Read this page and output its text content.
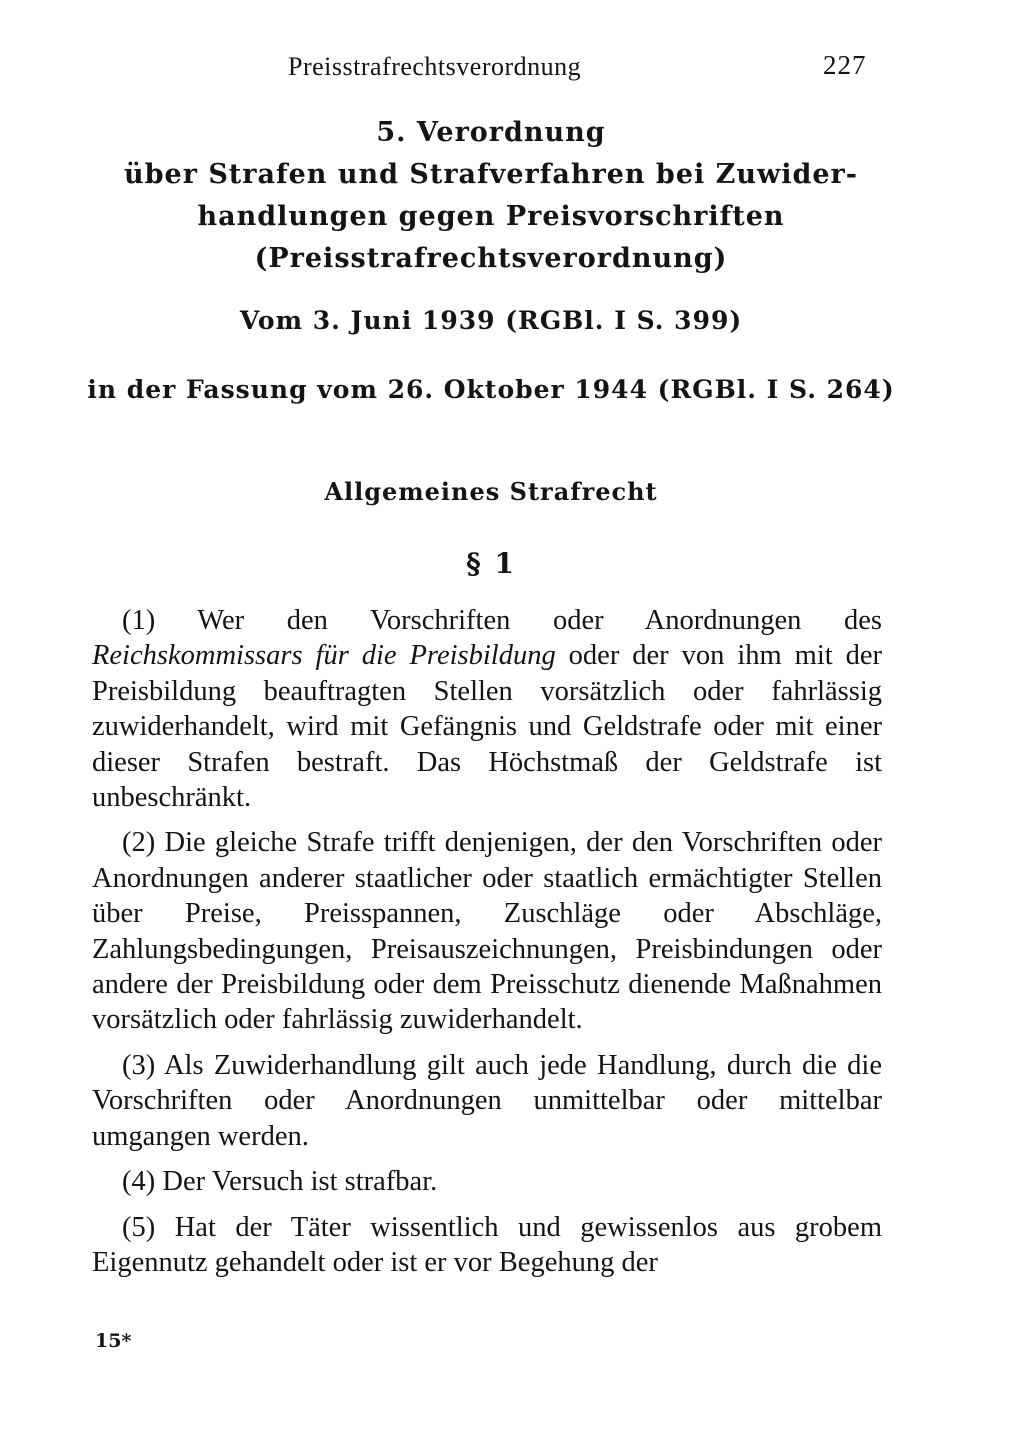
Preisstrafrechtsverordnung	227
5. Verordnung
über Strafen und Strafverfahren bei Zuwider-
handlungen gegen Preisvorschriften
(Preisstrafrechtsverordnung)
Vom 3. Juni 1939 (RGBl. I S. 399)
in der Fassung vom 26. Oktober 1944 (RGBl. I S. 264)
Allgemeines Strafrecht
§ 1

(1) Wer den Vorschriften oder Anordnungen des Reichskommissars für die Preisbildung oder der von ihm mit der Preisbildung beauftragten Stellen vorsätzlich oder fahrlässig zuwiderhandelt, wird mit Gefängnis und Geldstrafe oder mit einer dieser Strafen bestraft. Das Höchstmaß der Geldstrafe ist unbeschränkt.

(2) Die gleiche Strafe trifft denjenigen, der den Vorschriften oder Anordnungen anderer staatlicher oder staatlich ermächtigter Stellen über Preise, Preisspannen, Zuschläge oder Abschläge, Zahlungsbedingungen, Preisauszeichnungen, Preisbindungen oder andere der Preisbildung oder dem Preisschutz dienende Maßnahmen vorsätzlich oder fahrlässig zuwiderhandelt.

(3) Als Zuwiderhandlung gilt auch jede Handlung, durch die die Vorschriften oder Anordnungen unmittelbar oder mittelbar umgangen werden.

(4) Der Versuch ist strafbar.

(5) Hat der Täter wissentlich und gewissenlos aus grobem Eigennutz gehandelt oder ist er vor Begehung der

15*
